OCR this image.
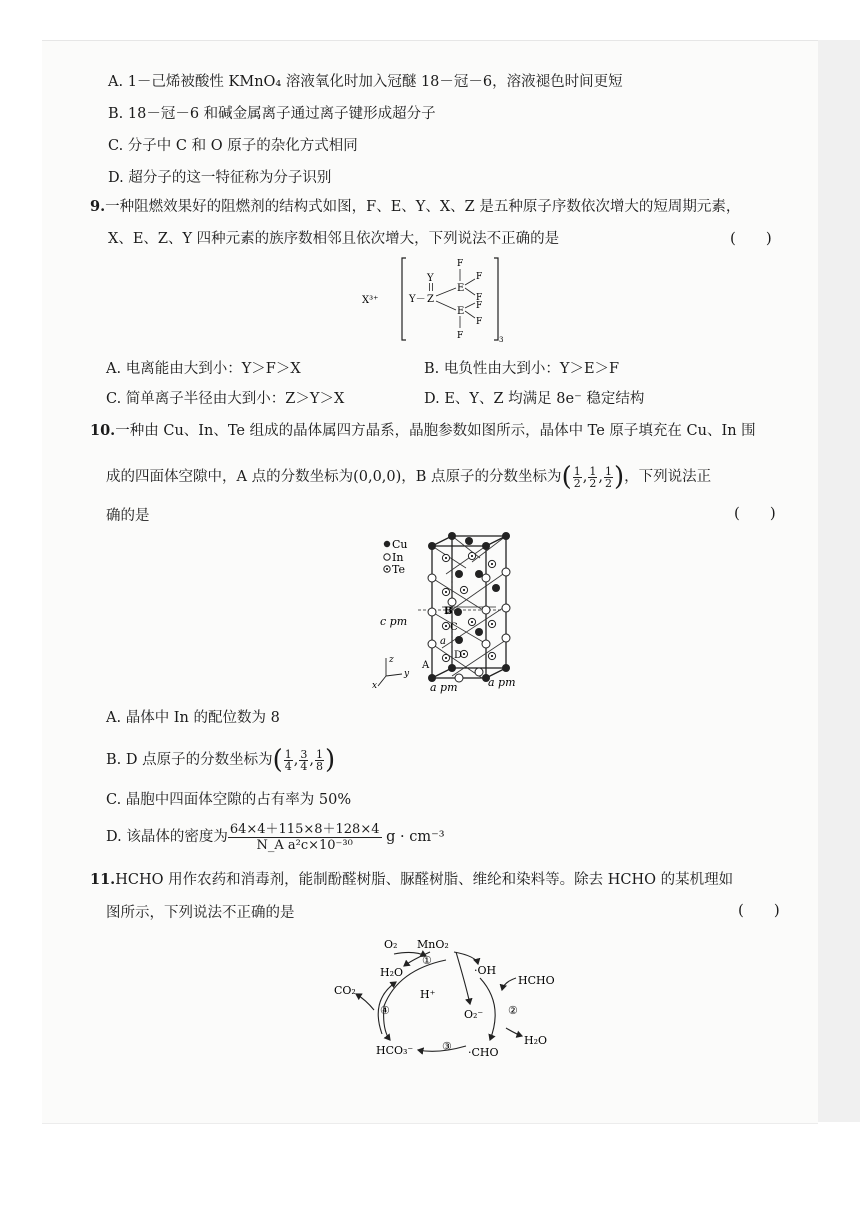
A. 1－己烯被酸性 KMnO₄ 溶液氧化时加入冠醚 18－冠－6，溶液褪色时间更短
B. 18－冠－6 和碱金属离子通过离子键形成超分子
C. 分子中 C 和 O 原子的杂化方式相同
D. 超分子的这一特征称为分子识别
9.一种阻燃效果好的阻燃剂的结构式如图，F、E、Y、X、Z 是五种原子序数依次增大的短周期元素，
X、E、Z、Y 四种元素的族序数相邻且依次增大，下列说法不正确的是	(　　)
X³⁺
3
Y
Y－ Z
E
E
F
F
F
F
F
F
A. 电离能由大到小：Y＞F＞X	B. 电负性由大到小：Y＞E＞F
C. 简单离子半径由大到小：Z＞Y＞X	D. E、Y、Z 均满足 8e⁻ 稳定结构
10.一种由 Cu、In、Te 组成的晶体属四方晶系，晶胞参数如图所示，晶体中 Te 原子填充在 Cu、In 围
成的四面体空隙中，A 点的分数坐标为(0,0,0)，B 点原子的分数坐标为( $\frac{1}{2}$ , $\frac{1}{2}$ , $\frac{1}{2}$ )，下列说法正
确的是	(　　)
Cu
In
Te
B
C
a
D
A
c pm
a pm	a pm
z
y
x
A. 晶体中 In 的配位数为 8
B. D 点原子的分数坐标为( $\frac{1}{4}$ , $\frac{3}{4}$ , $\frac{1}{8}$ )
C. 晶胞中四面体空隙的占有率为 50%
D. 该晶体的密度为 $\frac{64\times 4+115\times 8+128\times 4}{\text{N\_A a²c×10⁻³⁰}}$ g · cm⁻³
11.HCHO 用作农药和消毒剂，能制酚醛树脂、脲醛树脂、维纶和染料等。除去 HCHO 的某机理如
图所示，下列说法不正确的是	(　　)
O₂ MnO₂
H₂O
①
·OH
HCHO
CO₂	H⁺
④	O₂⁻ ②
H₂O
HCO₃⁻	③ ·CHO
